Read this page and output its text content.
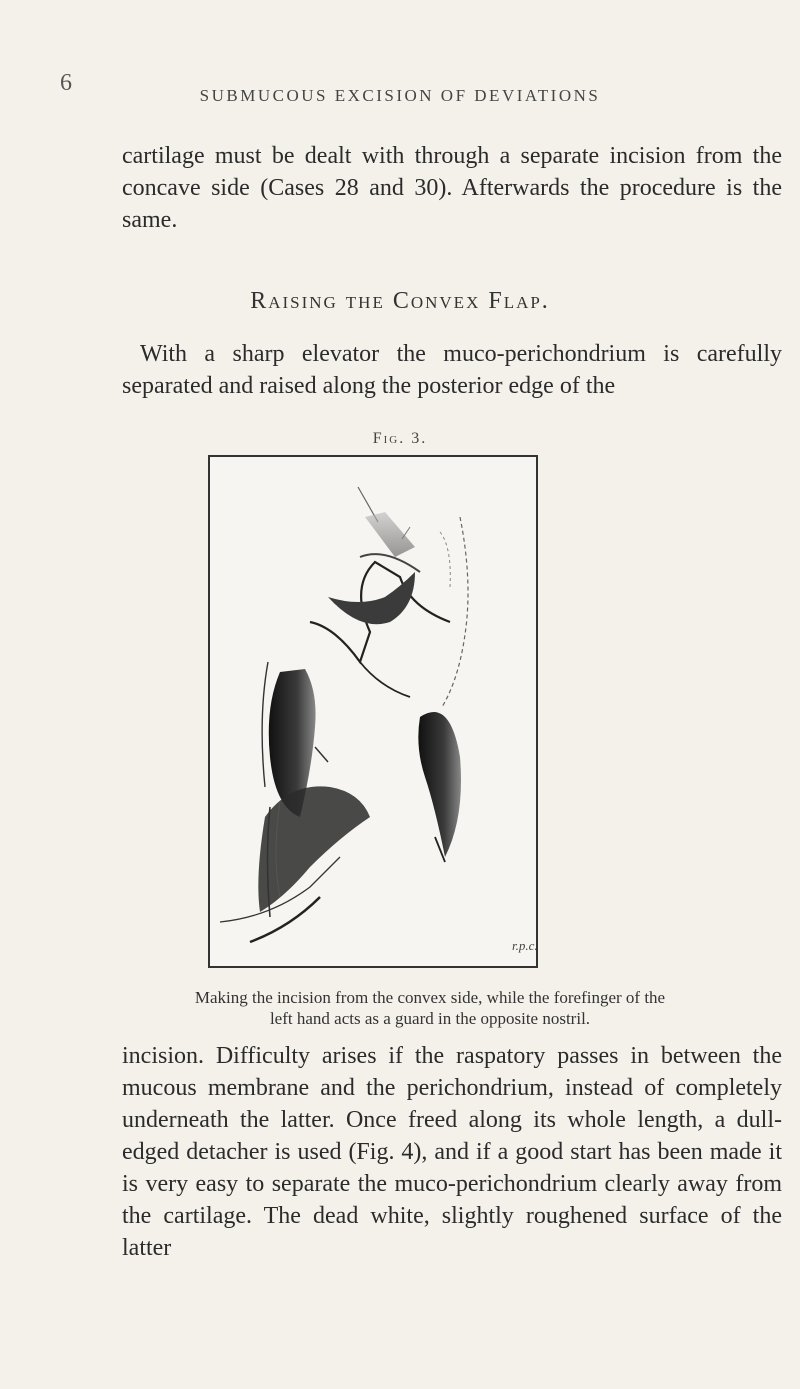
6	SUBMUCOUS EXCISION OF DEVIATIONS
cartilage must be dealt with through a separate incision from the concave side (Cases 28 and 30). Afterwards the procedure is the same.
Raising the Convex Flap.
With a sharp elevator the muco-perichondrium is carefully separated and raised along the posterior edge of the
Fig. 3.
r.p.c.
Making the incision from the convex side, while the forefinger of the left hand acts as a guard in the opposite nostril.
incision. Difficulty arises if the raspatory passes in between the mucous membrane and the perichondrium, instead of completely underneath the latter. Once freed along its whole length, a dull-edged detacher is used (Fig. 4), and if a good start has been made it is very easy to separate the muco-perichondrium clearly away from the cartilage. The dead white, slightly roughened surface of the latter
